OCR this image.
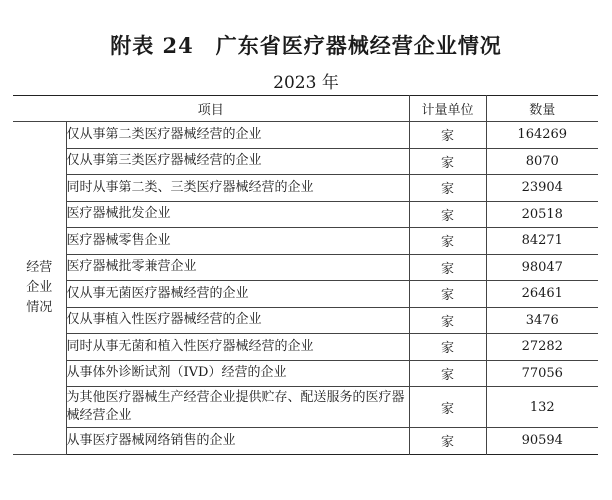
附表 24　广东省医疗器械经营企业情况
2023 年
项目		计量单位	数量

经营
企业
情况	仅从事第二类医疗器械经营的企业	家	164269
	仅从事第三类医疗器械经营的企业	家	8070
	同时从事第二类、三类医疗器械经营的企业	家	23904
	医疗器械批发企业	家	20518
	医疗器械零售企业	家	84271
	医疗器械批零兼营企业	家	98047
	仅从事无菌医疗器械经营的企业	家	26461
	仅从事植入性医疗器械经营的企业	家	3476
	同时从事无菌和植入性医疗器械经营的企业	家	27282
	从事体外诊断试剂（IVD）经营的企业	家	77056
	为其他医疗器械生产经营企业提供贮存、配送服务的医疗器械经营企业	家	132
	从事医疗器械网络销售的企业	家	90594
